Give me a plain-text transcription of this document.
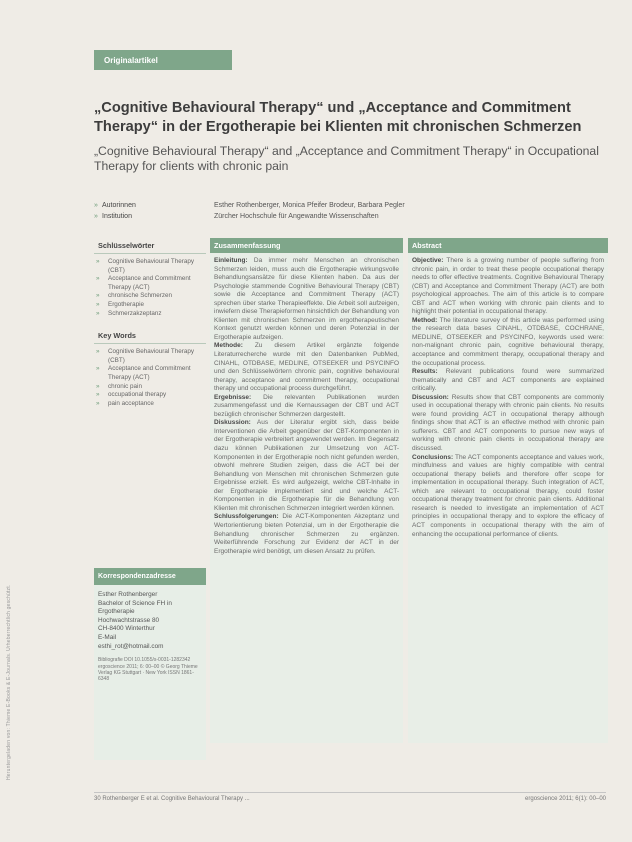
Heruntergeladen von: Thieme E-Books & E-Journals. Urheberrechtlich geschützt.
Originalartikel
„Cognitive Behavioural Therapy“ und „Acceptance and Commitment Therapy“ in der Ergotherapie bei Klienten mit chronischen Schmerzen
„Cognitive Behavioural Therapy“ and „Acceptance and Commitment Therapy“ in Occupational Therapy for clients with chronic pain
» Autorinnen	Esther Rothenberger, Monica Pfeifer Brodeur, Barbara Pegler
» Institution	Zürcher Hochschule für Angewandte Wissenschaften
Schlüsselwörter
»	Cognitive Behavioural Therapy (CBT)
»	Acceptance and Commitment Therapy (ACT)
»	chronische Schmerzen
»	Ergotherapie
»	Schmerzakzeptanz
Key Words
»	Cognitive Behavioural Therapy (CBT)
»	Acceptance and Commitment Therapy (ACT)
»	chronic pain
»	occupational therapy
»	pain acceptance
Korrespondenzadresse
Esther Rothenberger
Bachelor of Science FH in Ergotherapie
Hochwachtstrasse 80
CH-8400 Winterthur
E-Mail
esthi_rot@hotmail.com
Bibliografie DOI 10.1055/s-0031-1282342 ergoscience 2011; 6: 00–00 © Georg Thieme Verlag KG Stuttgart · New York ISSN 1861-6348
Zusammenfassung

Einleitung: Da immer mehr Menschen an chronischen Schmerzen leiden, muss auch die Ergotherapie wirkungsvolle Behandlungsansätze für diese Klienten haben. Da aus der Psychologie stammende Cognitive Behavioural Therapy (CBT) sowie die Acceptance and Commitment Therapy (ACT) sprechen über starke Therapieeffekte. Die Arbeit soll aufzeigen, inwiefern diese Therapieformen hinsichtlich der Behandlung von Klienten mit chronischen Schmerzen im ergotherapeutischen Kontext genutzt werden können und deren Potenzial in der Ergotherapie aufzeigen.

Methode: Zu diesem Artikel ergänzte folgende Literaturrecherche wurde mit den Datenbanken PubMed, CINAHL, OTDBASE, MEDLINE, OTSEEKER und PSYCINFO und den Schlüsselwörtern chronic pain, cognitive behavioural therapy, acceptance and commitment therapy, occupational therapy und occupational process durchgeführt.

Ergebnisse: Die relevanten Publikationen wurden zusammengefasst und die Kernaussagen der CBT und ACT bezüglich chronischer Schmerzen dargestellt.

Diskussion: Aus der Literatur ergibt sich, dass beide Interventionen die Arbeit gegenüber der CBT-Komponenten in der Ergotherapie verbreitert angewendet werden. Im Gegensatz dazu können Publikationen zur Umsetzung von ACT-Komponenten in der Ergotherapie noch nicht gefunden werden, obwohl mehrere Studien zeigen, dass die ACT bei der Behandlung von Menschen mit chronischen Schmerzen gute Ergebnisse erzielt. Es wird aufgezeigt, welche CBT-Inhalte in der Ergotherapie implementiert sind und welche ACT-Komponenten in die Ergotherapie für die Behandlung von Klienten mit chronischen Schmerzen integriert werden können.

Schlussfolgerungen: Die ACT-Komponenten Akzeptanz und Wertorientierung bieten Potenzial, um in der Ergotherapie die Behandlung chronischer Schmerzen zu ergänzen. Weiterführende Forschung zur Evidenz der ACT in der Ergotherapie wird benötigt, um diesen Ansatz zu prüfen.

Abstract

Objective: There is a growing number of people suffering from chronic pain, in order to treat these people occupational therapy needs to offer effective treatments. Cognitive Behavioural Therapy (CBT) and Acceptance and Commitment Therapy (ACT) are both psychological approaches. The aim of this article is to compare CBT and ACT when working with chronic pain clients and to highlight their potential in occupational therapy.

Method: The literature survey of this article was performed using the research data bases CINAHL, OTDBASE, COCHRANE, MEDLINE, OTSEEKER and PSYCINFO, keywords used were: non-malignant chronic pain, cognitive behavioural therapy, acceptance and commitment therapy, occupational therapy and the occupational process.

Results: Relevant publications found were summarized thematically and CBT and ACT components are explained critically.

Discussion: Results show that CBT components are commonly used in occupational therapy with chronic pain clients. No results were found providing ACT in occupational therapy although findings show that ACT is an effective method with chronic pain sufferers. CBT and ACT components to pursue new ways of working with chronic pain clients in occupational therapy are discussed.

Conclusions: The ACT components acceptance and values work, mindfulness and values are highly compatible with central occupational therapy beliefs and therefore offer scope for implementation in occupational therapy. Such integration of ACT, which are relevant to occupational therapy, could foster occupational therapy treatment for chronic pain clients. Additional research is needed to investigate an implementation of ACT principles in occupational therapy and to explore the efficacy of ACT components in occupational therapy with the aim of enhancing the occupational performance of clients.

30 Rothenberger E et al. Cognitive Behavioural Therapy ...	ergoscience 2011; 6(1): 00–00
